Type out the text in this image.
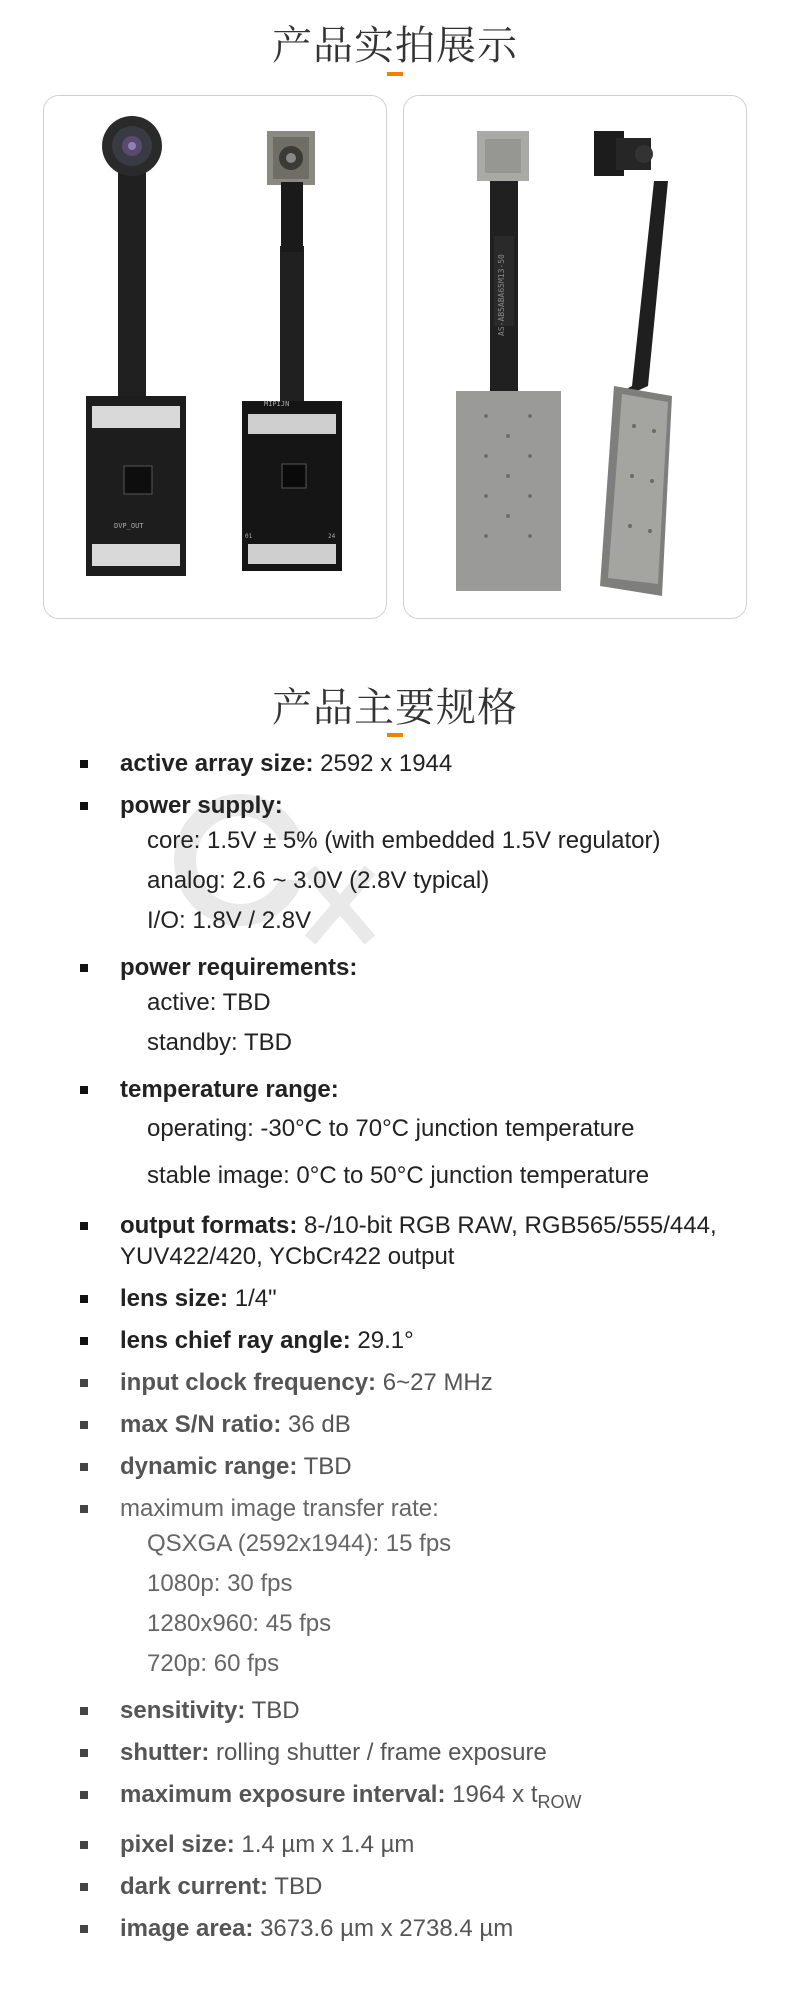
产品实拍展示
DVP_OUT
MIPIJN
01	24
AS-AB5ABA65M13-50
产品主要规格
active array size: 2592 x 1944
power supply:
core: 1.5V ± 5% (with embedded 1.5V regulator)
analog: 2.6 ~ 3.0V (2.8V typical)
I/O: 1.8V / 2.8V
power requirements:
active: TBD
standby: TBD
temperature range:
operating: -30°C to 70°C junction temperature
stable image: 0°C to 50°C junction temperature
output formats: 8-/10-bit RGB RAW, RGB565/555/444, YUV422/420, YCbCr422 output
lens size: 1/4"
lens chief ray angle: 29.1°
input clock frequency: 6~27 MHz
max S/N ratio: 36 dB
dynamic range: TBD
maximum image transfer rate:
QSXGA (2592x1944): 15 fps
1080p: 30 fps
1280x960: 45 fps
720p: 60 fps
sensitivity: TBD
shutter: rolling shutter / frame exposure
maximum exposure interval: 1964 x $t_{ROW}$
pixel size: 1.4 µm x 1.4 µm
dark current: TBD
image area: 3673.6 µm x 2738.4 µm
